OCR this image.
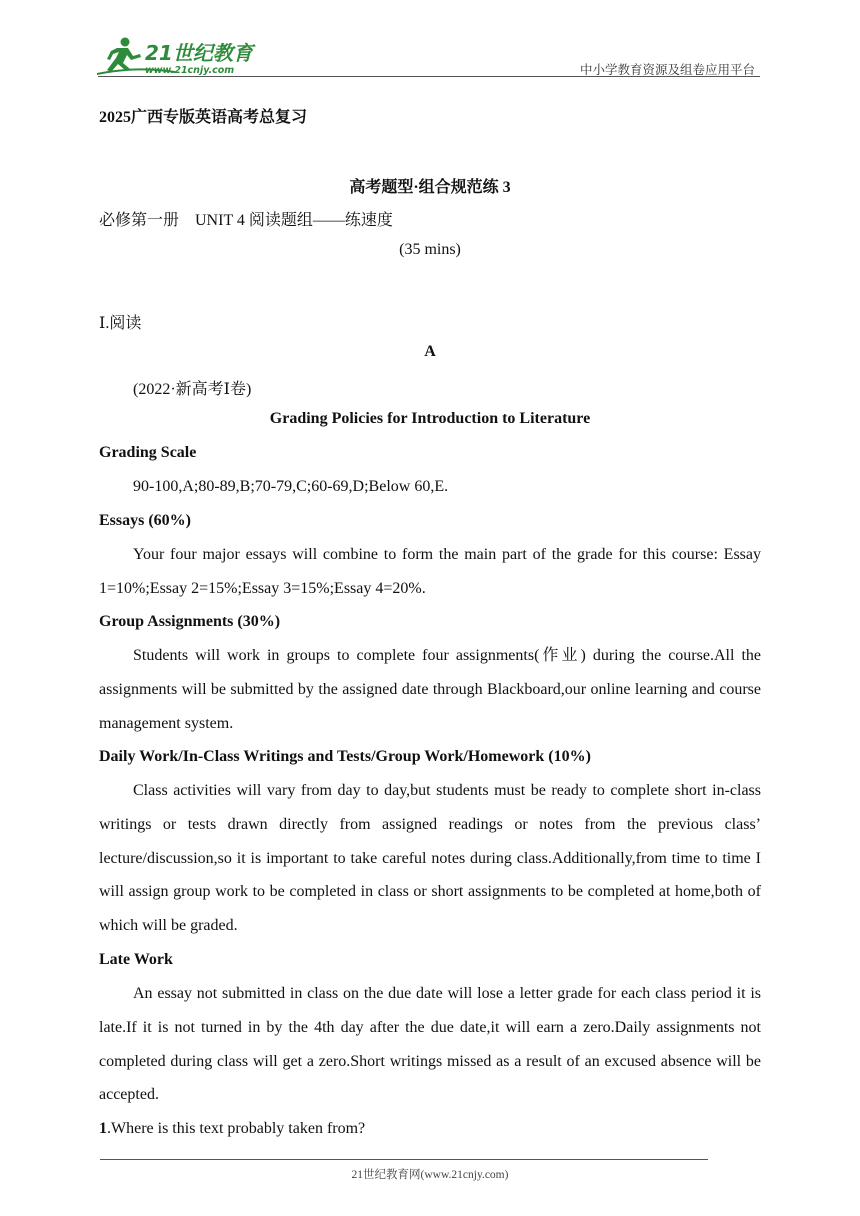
21世纪教育
www.21cnjy.com	中小学教育资源及组卷应用平台
2025广西专版英语高考总复习
高考题型·组合规范练 3
必修第一册　UNIT 4 阅读题组——练速度
(35 mins)
Ⅰ.阅读
A
(2022·新高考Ⅰ卷)
Grading Policies for Introduction to Literature
Grading Scale
90-100,A;80-89,B;70-79,C;60-69,D;Below 60,E.
Essays (60%)
Your four major essays will combine to form the main part of the grade for this course: Essay 1=10%;Essay 2=15%;Essay 3=15%;Essay 4=20%.
Group Assignments (30%)
Students will work in groups to complete four assignments(作业) during the course.All the assignments will be submitted by the assigned date through Blackboard,our online learning and course management system.
Daily Work/In-Class Writings and Tests/Group Work/Homework (10%)
Class activities will vary from day to day,but students must be ready to complete short in-class writings or tests drawn directly from assigned readings or notes from the previous class’ lecture/discussion,so it is important to take careful notes during class.Additionally,from time to time I will assign group work to be completed in class or short assignments to be completed at home,both of which will be graded.
Late Work
An essay not submitted in class on the due date will lose a letter grade for each class period it is late.If it is not turned in by the 4th day after the due date,it will earn a zero.Daily assignments not completed during class will get a zero.Short writings missed as a result of an excused absence will be accepted.
1.Where is this text probably taken from?
21世纪教育网(www.21cnjy.com)
